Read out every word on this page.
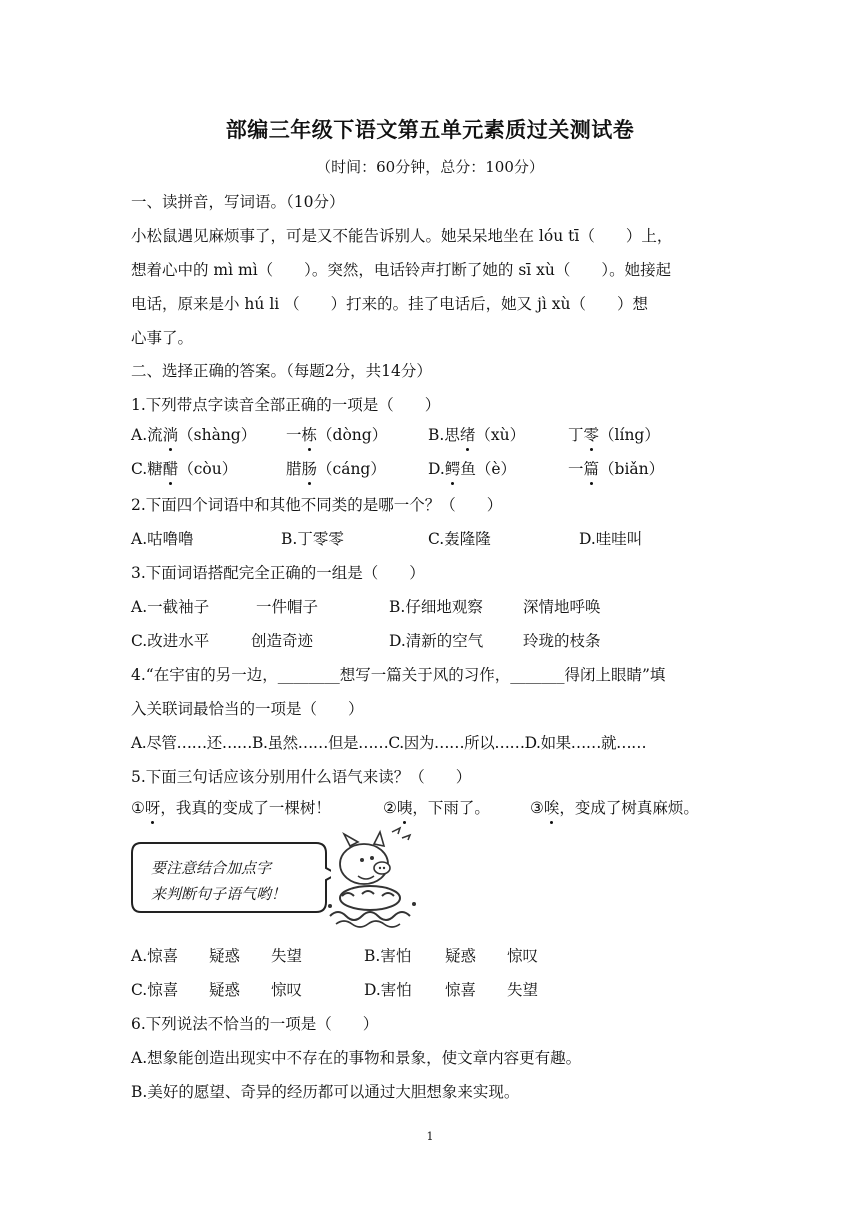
部编三年级下语文第五单元素质过关测试卷
（时间：60分钟，总分：100分）
一、读拼音，写词语。（10分）
小松鼠遇见麻烦事了，可是又不能告诉别人。她呆呆地坐在 lóu tī（　　）上，
想着心中的 mì mì（　　）。突然，电话铃声打断了她的 sī xù（　　）。她接起
电话，原来是小 hú li （　　）打来的。挂了电话后，她又 jì xù（　　）想
心事了。
二、选择正确的答案。（每题2分，共14分）
1.下列带点字读音全部正确的一项是（　　）
A.流淌（shàng） 一栋（dòng）	B.思绪（xù）	丁零（líng）
C.糖醋（còu）	腊肠（cáng）	D.鳄鱼（è）	一篇（biǎn）
2.下面四个词语中和其他不同类的是哪一个？（　　）
A.咕噜噜	B.丁零零	C.轰隆隆	D.哇哇叫
3.下面词语搭配完全正确的一组是（　　）
A.一截袖子	一件帽子	B.仔细地观察	深情地呼唤
C.改进水平	创造奇迹	D.清新的空气	玲珑的枝条
4.“在宇宙的另一边，________想写一篇关于风的习作，_______得闭上眼睛”填
入关联词最恰当的一项是（　　）
A.尽管……还……B.虽然……但是……C.因为……所以……D.如果……就……
5.下面三句话应该分别用什么语气来读？（　　）
①呀，我真的变成了一棵树！	②咦，下雨了。	③唉，变成了树真麻烦。
要注意结合加点字
来判断句子语气哟！
A.惊喜 疑惑 失望	B.害怕 疑惑 惊叹
C.惊喜 疑惑 惊叹	D.害怕 惊喜 失望
6.下列说法不恰当的一项是（　　）
A.想象能创造出现实中不存在的事物和景象，使文章内容更有趣。
B.美好的愿望、奇异的经历都可以通过大胆想象来实现。
1
